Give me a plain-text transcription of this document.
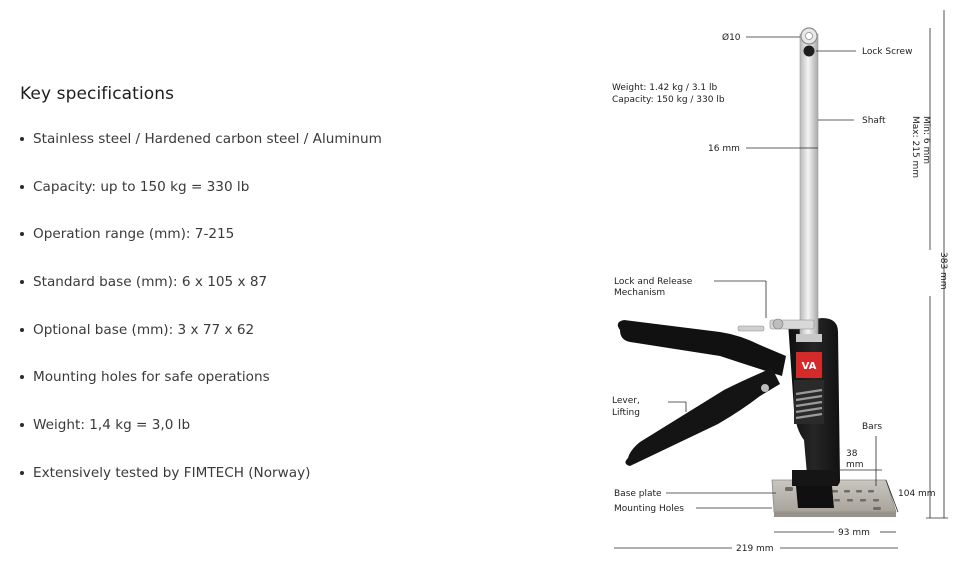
Key specifications
Stainless steel / Hardened carbon steel / Aluminum
Capacity: up to 150 kg = 330 lb
Operation range (mm): 7-215
Standard base (mm): 6 x 105 x 87
Optional base (mm): 3 x 77 x 62
Mounting holes for safe operations
Weight: 1,4 kg = 3,0 lb
Extensively tested by FIMTECH (Norway)
VA
Ø10
Lock Screw
Weight: 1.42 kg / 3.1 lb
Capacity: 150 kg / 330 lb
Shaft
16 mm
Lock and Release
Mechanism
Lever,
Lifting
Bars
38
mm
Base plate
Mounting Holes
104 mm
93 mm
219 mm
Min: 6 mm
Max: 215 mm
383 mm
